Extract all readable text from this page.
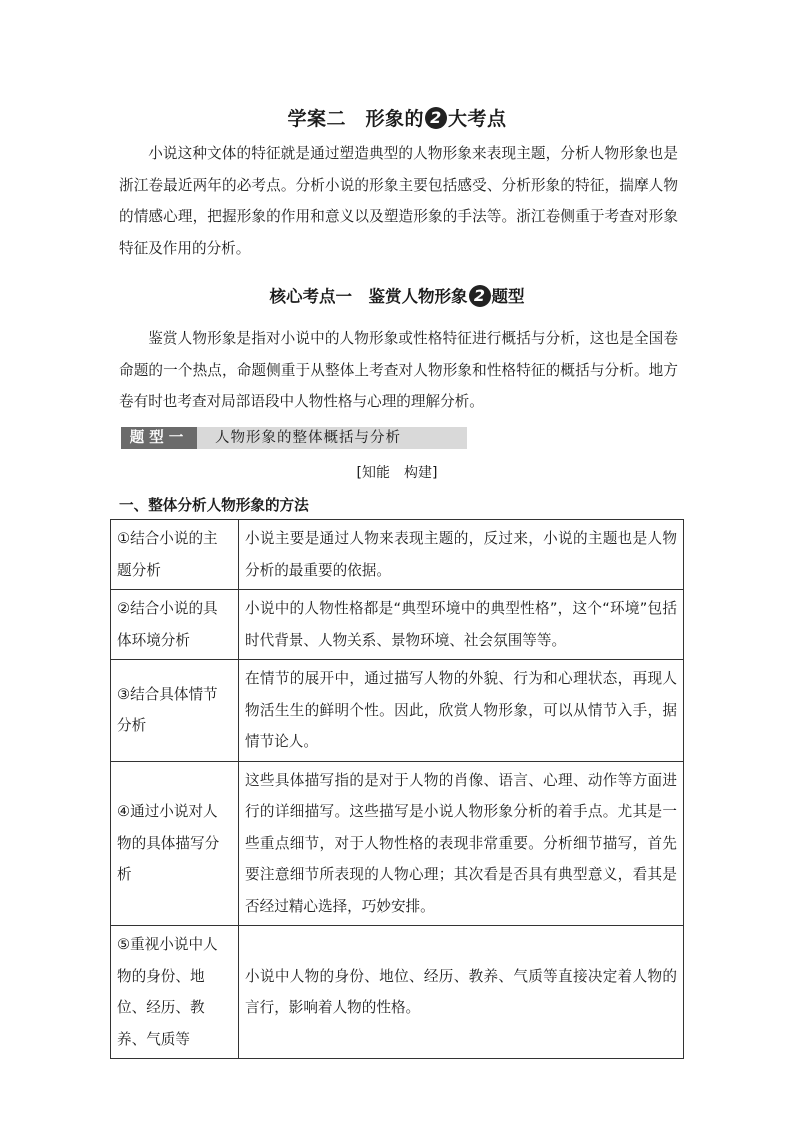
学案二　形象的 2 大考点

小说这种文体的特征就是通过塑造典型的人物形象来表现主题，分析人物形象也是浙江卷最近两年的必考点。分析小说的形象主要包括感受、分析形象的特征，揣摩人物的情感心理，把握形象的作用和意义以及塑造形象的手法等。浙江卷侧重于考查对形象特征及作用的分析。

核心考点一　鉴赏人物形象 2 题型

鉴赏人物形象是指对小说中的人物形象或性格特征进行概括与分析，这也是全国卷命题的一个热点，命题侧重于从整体上考查对人物形象和性格特征的概括与分析。地方卷有时也考查对局部语段中人物性格与心理的理解分析。

题型一 人物形象的整体概括与分析
[知能　构建]
一、整体分析人物形象的方法
①结合小说的主题分析	小说主要是通过人物来表现主题的，反过来，小说的主题也是人物分析的最重要的依据。
②结合小说的具体环境分析	小说中的人物性格都是“典型环境中的典型性格”，这个“环境”包括时代背景、人物关系、景物环境、社会氛围等等。
③结合具体情节分析	在情节的展开中，通过描写人物的外貌、行为和心理状态，再现人物活生生的鲜明个性。因此，欣赏人物形象，可以从情节入手，据情节论人。
④通过小说对人物的具体描写分析	这些具体描写指的是对于人物的肖像、语言、心理、动作等方面进行的详细描写。这些描写是小说人物形象分析的着手点。尤其是一些重点细节，对于人物性格的表现非常重要。分析细节描写，首先要注意细节所表现的人物心理；其次看是否具有典型意义，看其是否经过精心选择，巧妙安排。
⑤重视小说中人物的身份、地位、经历、教养、气质等	小说中人物的身份、地位、经历、教养、气质等直接决定着人物的言行，影响着人物的性格。
